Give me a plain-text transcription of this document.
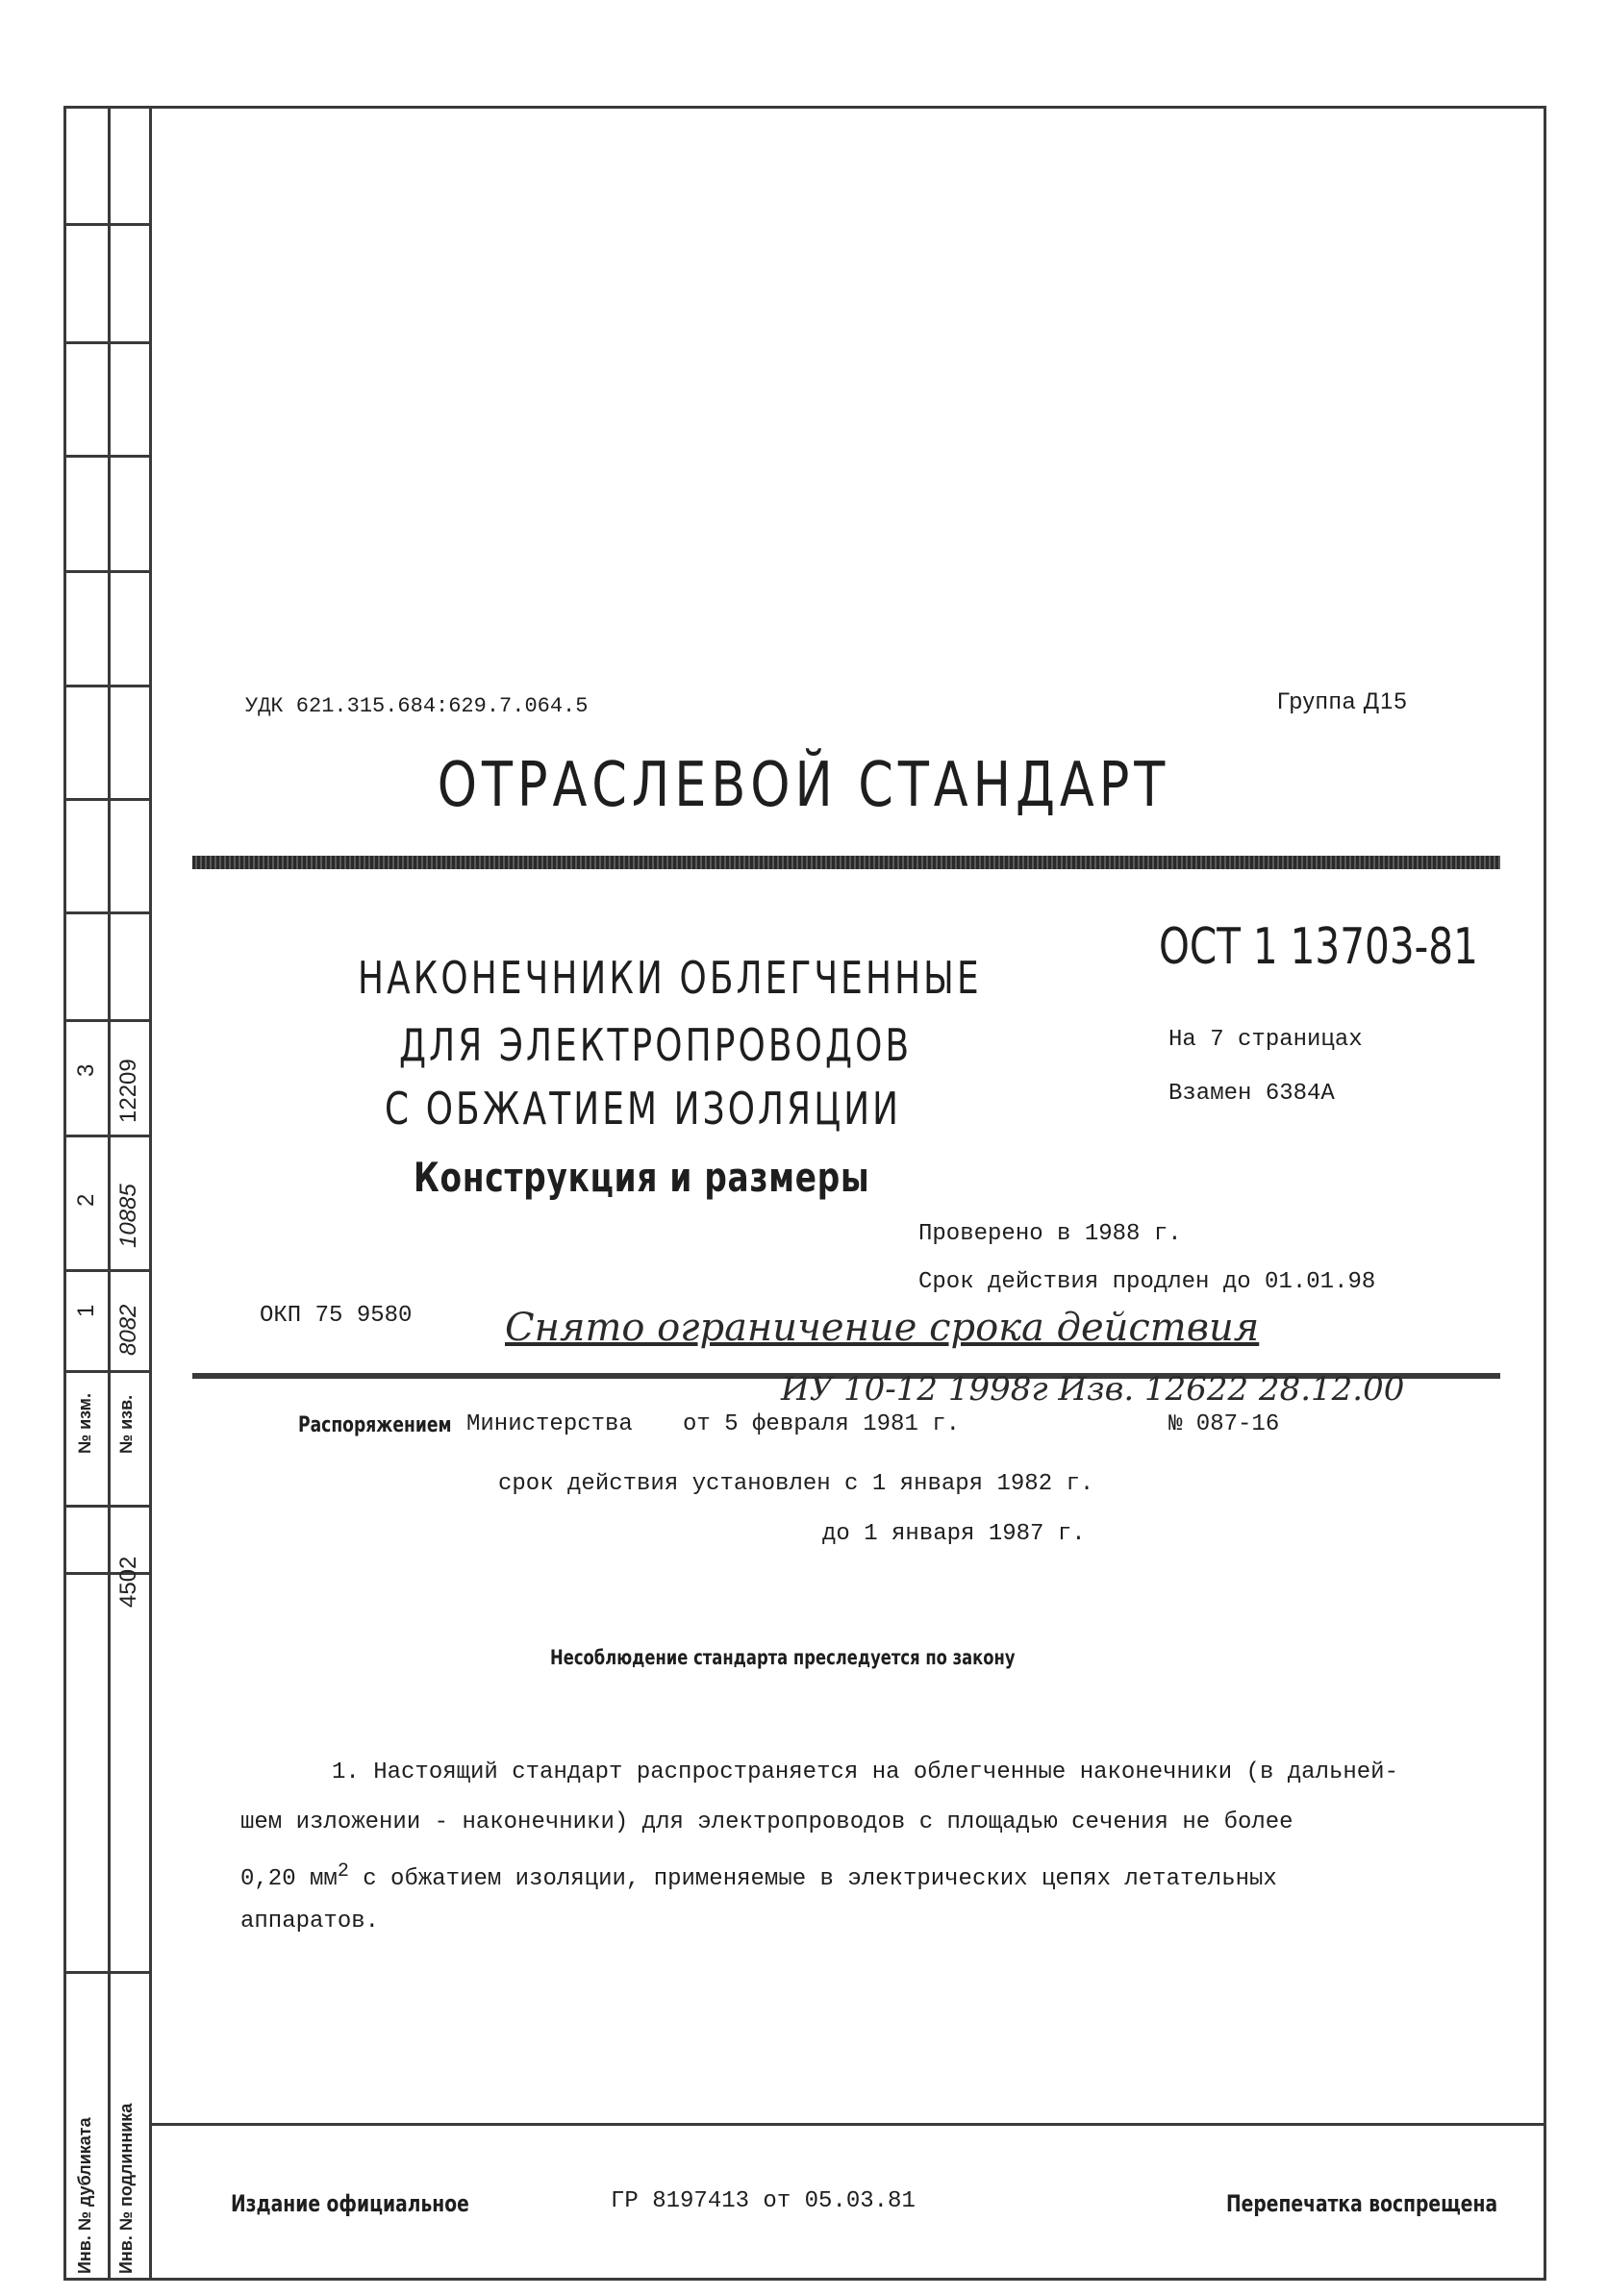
3 12209
2 10885
1 8082
№ изм. № изв.
4502
Инв. № дубликата Инв. № подлинника
УДК 621.315.684:629.7.064.5	Группа Д15
ОТРАСЛЕВОЙ СТАНДАРТ
НАКОНЕЧНИКИ ОБЛЕГЧЕННЫЕ
ДЛЯ ЭЛЕКТРОПРОВОДОВ
С ОБЖАТИЕМ ИЗОЛЯЦИИ
Конструкция и размеры
ОСТ 1 13703-81
На 7 страницах
Взамен 6384А
Проверено в 1988 г.
Срок действия продлен до 01.01.98
ОКП 75 9580 Снято ограничение срока действия
ИУ 10-12 1998г Изв. 12622 28.12.00
Распоряжением Министерства от 5 февраля 1981 г.	№ 087-16
срок действия установлен с 1 января 1982 г.
до 1 января 1987 г.
Несоблюдение стандарта преследуется по закону
1. Настоящий стандарт распространяется на облегченные наконечники (в дальней-
шем изложении - наконечники) для электропроводов с площадью сечения не более
0,20 $мм^2$ с обжатием изоляции, применяемые в электрических цепях летательных
аппаратов.
Издание официальное	ГР 8197413 от 05.03.81	Перепечатка воспрещена
